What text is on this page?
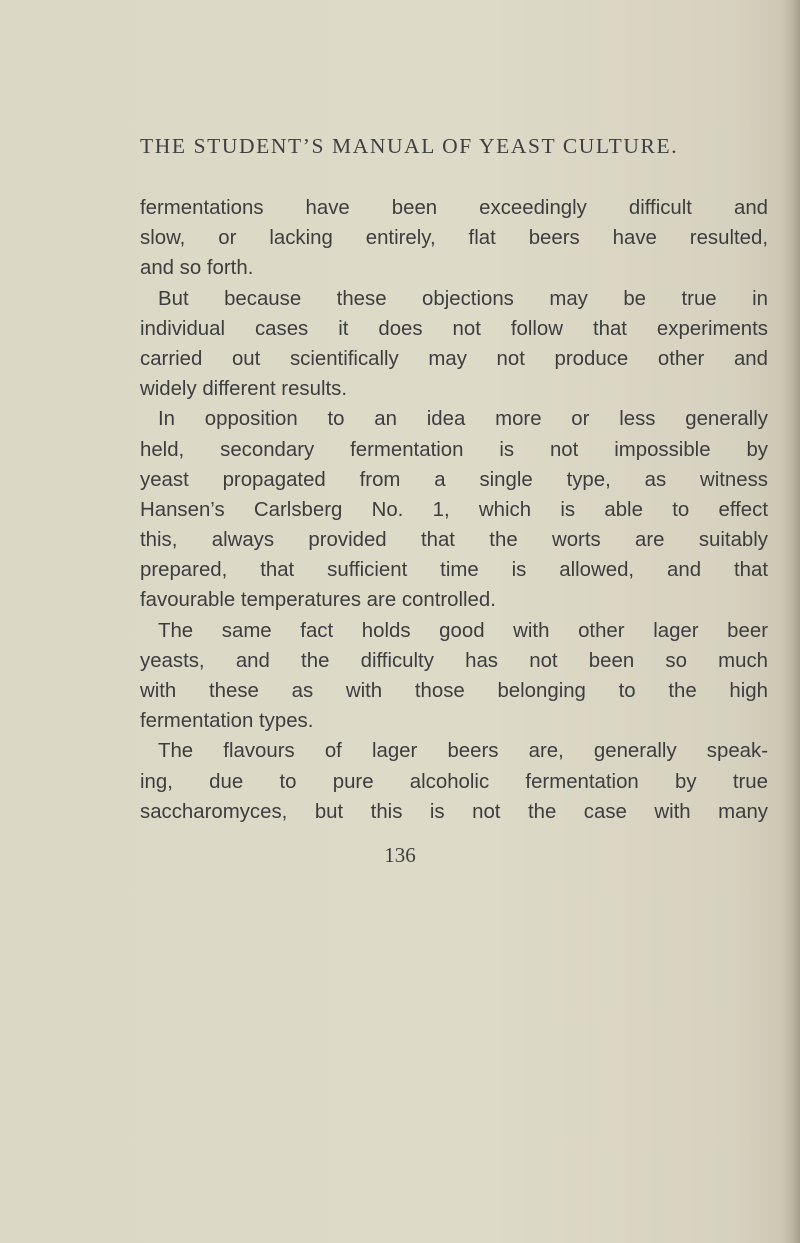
THE STUDENT’S MANUAL OF YEAST CULTURE.
fermentations have been exceedingly difficult and
slow, or lacking entirely, flat beers have resulted,
and so forth.
But because these objections may be true in
individual cases it does not follow that experiments
carried out scientifically may not produce other and
widely different results.
In opposition to an idea more or less generally
held, secondary fermentation is not impossible by
yeast propagated from a single type, as witness
Hansen’s Carlsberg No. 1, which is able to effect
this, always provided that the worts are suitably
prepared, that sufficient time is allowed, and that
favourable temperatures are controlled.
The same fact holds good with other lager beer
yeasts, and the difficulty has not been so much
with these as with those belonging to the high
fermentation types.
The flavours of lager beers are, generally speak-
ing, due to pure alcoholic fermentation by true
saccharomyces, but this is not the case with many
136
